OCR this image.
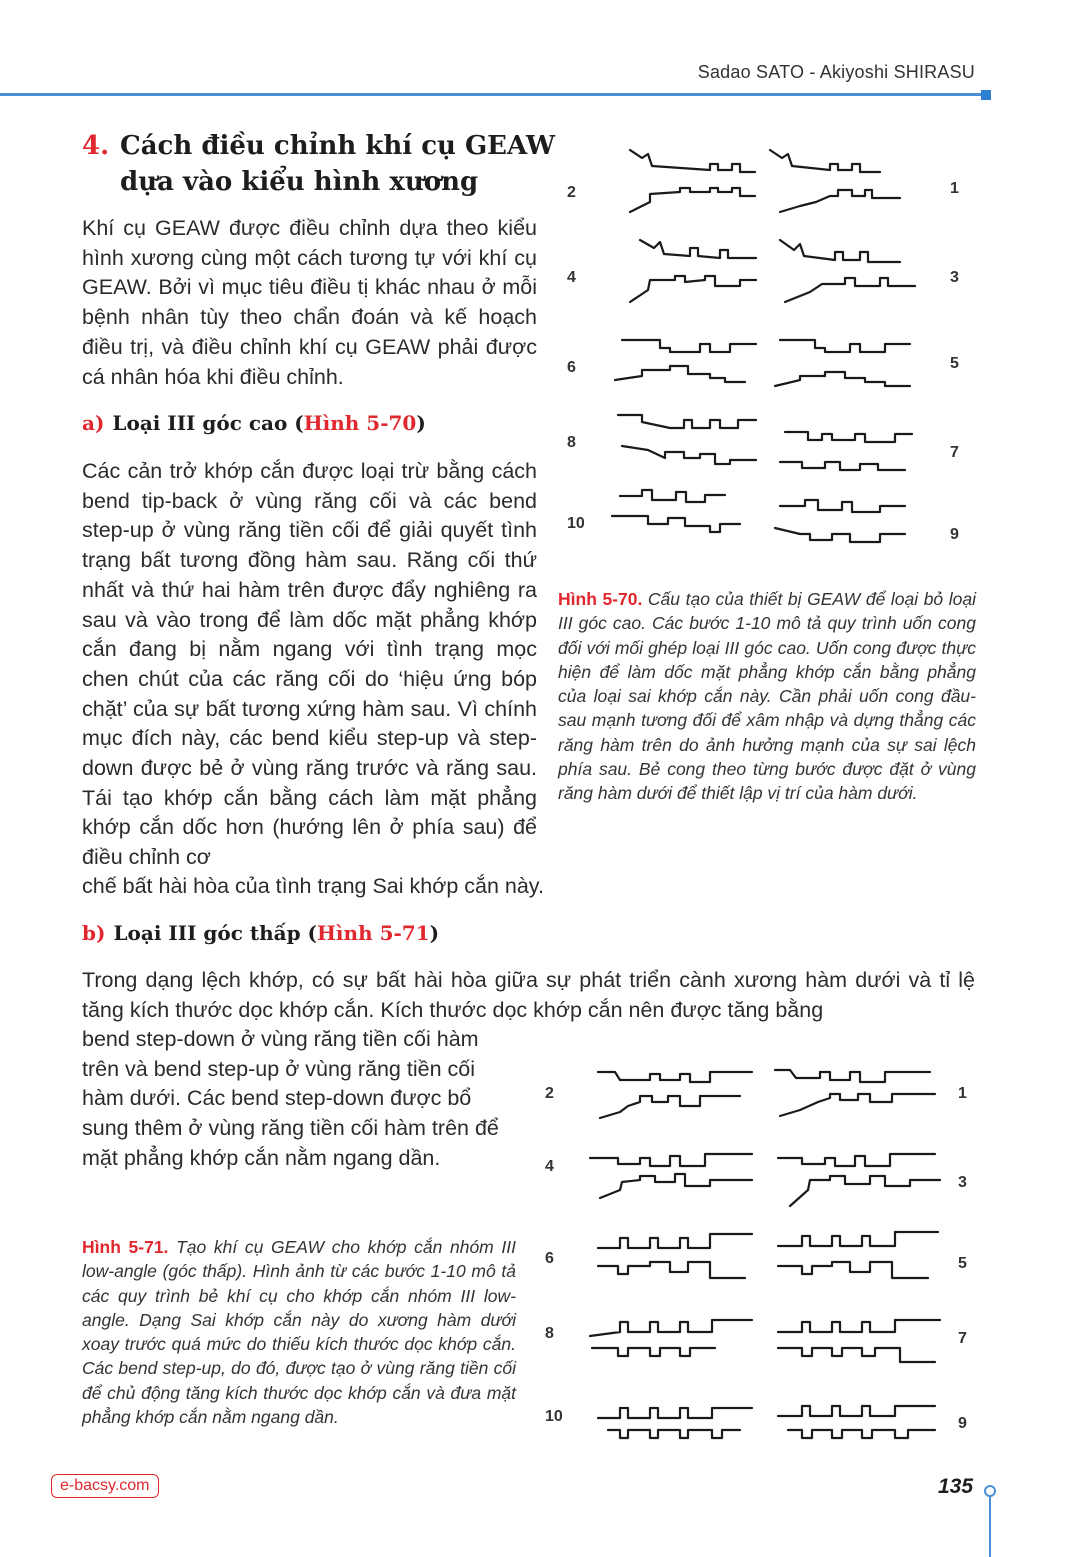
Sadao SATO - Akiyoshi SHIRASU
4. Cách điều chỉnh khí cụ GEAW
dựa vào kiểu hình xương
Khí cụ GEAW được điều chỉnh dựa theo kiểu hình xương cùng một cách tương tự với khí cụ GEAW. Bởi vì mục tiêu điều tị khác nhau ở mỗi bệnh nhân tùy theo chẩn đoán và kế hoạch điều trị, và điều chỉnh khí cụ GEAW phải được cá nhân hóa khi điều chỉnh.
a) Loại III góc cao (Hình 5-70)
Các cản trở khớp cắn được loại trừ bằng cách bend tip-back ở vùng răng cối và các bend step-up ở vùng răng tiền cối để giải quyết tình trạng bất tương đồng hàm sau. Răng cối thứ nhất và thứ hai hàm trên được đẩy nghiêng ra sau và vào trong để làm dốc mặt phẳng khớp cắn đang bị nằm ngang với tình trạng mọc chen chút của các răng cối do ‘hiệu ứng bóp chặt’ của sự bất tương xứng hàm sau. Vì chính mục đích này, các bend kiểu step-up và step-down được bẻ ở vùng răng trước và răng sau. Tái tạo khớp cắn bằng cách làm mặt phẳng khớp cắn dốc hơn (hướng lên ở phía sau) để điều chỉnh cơ
chế bất hài hòa của tình trạng Sai khớp cắn này.
2
4
6
8
10
1
3
5
7
9
Hình 5-70. Cấu tạo của thiết bị GEAW để loại bỏ loại III góc cao. Các bước 1-10 mô tả quy trình uốn cong đối với mối ghép loại III góc cao. Uốn cong được thực hiện để làm dốc mặt phẳng khớp cắn bằng phẳng của loại sai khớp cắn này. Cần phải uốn cong đầu-sau mạnh tương đối để xâm nhập và dựng thẳng các răng hàm trên do ảnh hưởng mạnh của sự sai lệch phía sau. Bẻ cong theo từng bước được đặt ở vùng răng hàm dưới để thiết lập vị trí của hàm dưới.
b) Loại III góc thấp (Hình 5-71)
Trong dạng lệch khớp, có sự bất hài hòa giữa sự phát triển cành xương hàm dưới và tỉ lệ tăng kích thước dọc khớp cắn. Kích thước dọc khớp cắn nên được tăng bằng
bend step-down ở vùng răng tiền cối hàm trên và bend step-up ở vùng răng tiền cối hàm dưới. Các bend step-down được bổ sung thêm ở vùng răng tiền cối hàm trên để mặt phẳng khớp cắn nằm ngang dần.
2
4
6
8
10
1
3
5
7
9
Hình 5-71. Tạo khí cụ GEAW cho khớp cắn nhóm III low-angle (góc thấp). Hình ảnh từ các bước 1-10 mô tả các quy trình bẻ khí cụ cho khớp cắn nhóm III low-angle. Dạng Sai khớp cắn này do xương hàm dưới xoay trước quá mức do thiếu kích thước dọc khớp cắn. Các bend step-up, do đó, được tạo ở vùng răng tiền cối để chủ động tăng kích thước dọc khớp cắn và đưa mặt phẳng khớp cắn nằm ngang dần.
e-bacsy.com	135
